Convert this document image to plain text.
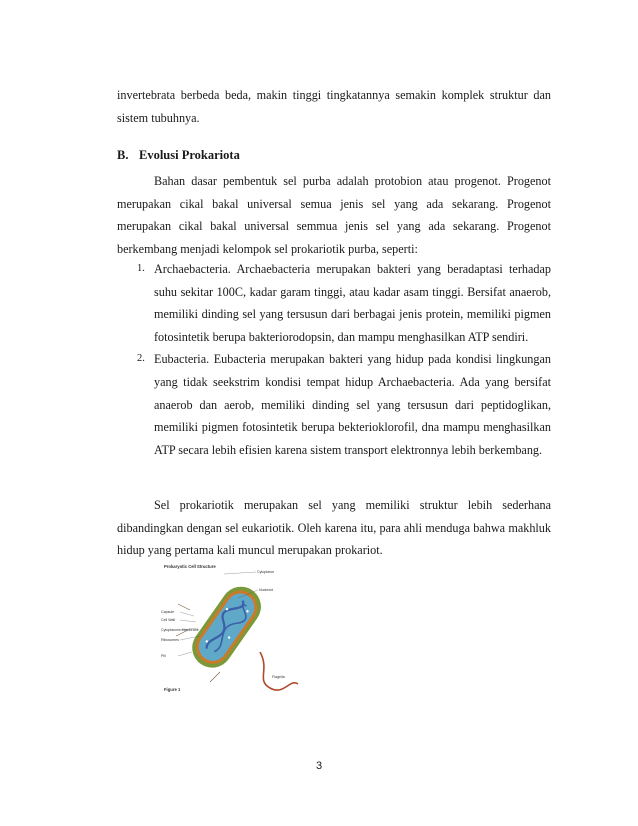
invertebrata berbeda beda, makin tinggi tingkatannya semakin komplek struktur dan sistem tubuhnya.

B. Evolusi Prokariota

Bahan dasar pembentuk sel purba adalah protobion atau progenot. Progenot merupakan cikal bakal universal semua jenis sel yang ada sekarang. Progenot merupakan cikal bakal universal semmua jenis sel yang ada sekarang. Progenot berkembang menjadi kelompok sel prokariotik purba, seperti:

1. Archaebacteria. Archaebacteria merupakan bakteri yang beradaptasi terhadap suhu sekitar 100C, kadar garam tinggi, atau kadar asam tinggi. Bersifat anaerob, memiliki dinding sel yang tersusun dari berbagai jenis protein, memiliki pigmen fotosintetik berupa bakteriorodopsin, dan mampu menghasilkan ATP sendiri.
2. Eubacteria. Eubacteria merupakan bakteri yang hidup pada kondisi lingkungan yang tidak seekstrim kondisi tempat hidup Archaebacteria. Ada yang bersifat anaerob dan aerob, memiliki dinding sel yang tersusun dari peptidoglikan, memiliki pigmen fotosintetik berupa bekterioklorofil, dna mampu menghasilkan ATP secara lebih efisien karena sistem transport elektronnya lebih berkembang.

Sel prokariotik merupakan sel yang memiliki struktur lebih sederhana dibandingkan dengan sel eukariotik. Oleh karena itu, para ahli menduga bahwa makhluk hidup yang pertama kali muncul merupakan prokariot.

Prokaryotic Cell Structure
Cytoplasm
Nucleoid
Capsule
Cell Wall
Cytoplasmic Membrane
Ribosomes
Pili
Flagella
Figure 1
3
